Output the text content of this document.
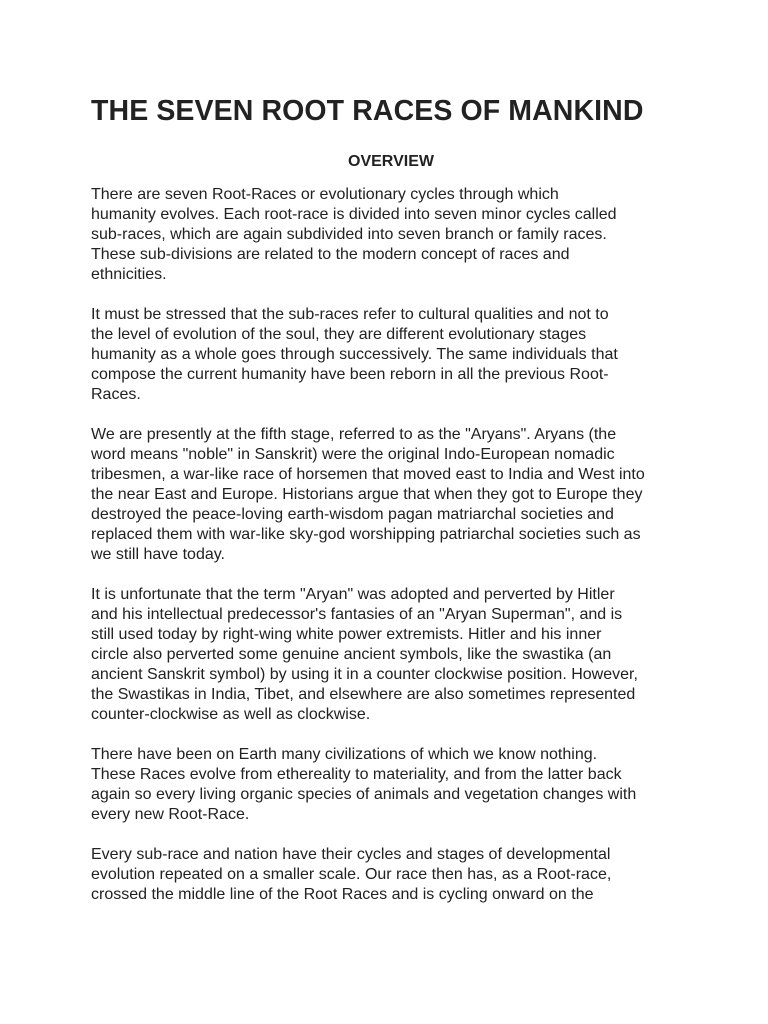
THE SEVEN ROOT RACES OF MANKIND
OVERVIEW

There are seven Root-Races or evolutionary cycles through which
humanity evolves. Each root-race is divided into seven minor cycles called
sub-races, which are again subdivided into seven branch or family races.
These sub-divisions are related to the modern concept of races and
ethnicities.

It must be stressed that the sub-races refer to cultural qualities and not to
the level of evolution of the soul, they are different evolutionary stages
humanity as a whole goes through successively. The same individuals that
compose the current humanity have been reborn in all the previous Root-
Races.

We are presently at the fifth stage, referred to as the "Aryans". Aryans (the
word means "noble" in Sanskrit) were the original Indo-European nomadic
tribesmen, a war-like race of horsemen that moved east to India and West into
the near East and Europe. Historians argue that when they got to Europe they
destroyed the peace-loving earth-wisdom pagan matriarchal societies and
replaced them with war-like sky-god worshipping patriarchal societies such as
we still have today.

It is unfortunate that the term "Aryan" was adopted and perverted by Hitler
and his intellectual predecessor's fantasies of an "Aryan Superman", and is
still used today by right-wing white power extremists. Hitler and his inner
circle also perverted some genuine ancient symbols, like the swastika (an
ancient Sanskrit symbol) by using it in a counter clockwise position. However,
the Swastikas in India, Tibet, and elsewhere are also sometimes represented
counter-clockwise as well as clockwise.

There have been on Earth many civilizations of which we know nothing.
These Races evolve from ethereality to materiality, and from the latter back
again so every living organic species of animals and vegetation changes with
every new Root-Race.

Every sub-race and nation have their cycles and stages of developmental
evolution repeated on a smaller scale. Our race then has, as a Root-race,
crossed the middle line of the Root Races and is cycling onward on the
